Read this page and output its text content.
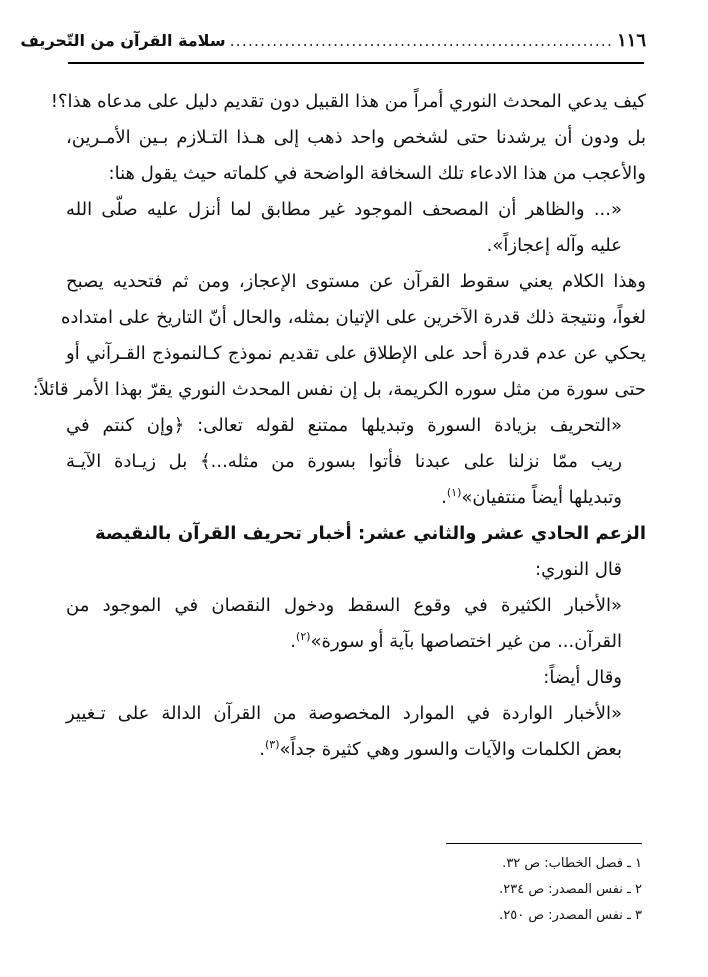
١١٦
...............................................................
سلامة القرآن من التّحريف
كيف يدعي المحدث النوري أمراً من هذا القبيل دون تقديم دليل على مدعاه هذا؟!
بل ودون أن يرشدنا حتى لشخص واحد ذهب إلى هـذا التـلازم بـين الأمـرين،
والأعجب من هذا الادعاء تلك السخافة الواضحة في كلماته حيث يقول هنا:
«... والظاهر أن المصحف الموجود غير مطابق لما أنزل عليه صلّى الله
عليه وآله إعجازاً».
وهذا الكلام يعني سقوط القرآن عن مستوى الإعجاز، ومن ثم فتحديه يصبح
لغواً، ونتيجة ذلك قدرة الآخرين على الإتيان بمثله، والحال أنّ التاريخ على امتداده
يحكي عن عدم قدرة أحد على الإطلاق على تقديم نموذج كـالنموذج القـرآني أو
حتى سورة من مثل سوره الكريمة، بل إن نفس المحدث النوري يقرّ بهذا الأمر قائلاً:
«التحريف بزيادة السورة وتبديلها ممتنع لقوله تعالى: ﴿وإن كنتم في
ريب ممّا نزلنا على عبدنا فأتوا بسورة من مثله...﴾ بل زيـادة الآيـة
وتبديلها أيضاً منتفيان»$^{(١)}$.
الزعم الحادي عشر والثاني عشر: أخبار تحريف القرآن بالنقيصة
قال النوري:
«الأخبار الكثيرة في وقوع السقط ودخول النقصان في الموجود من
القرآن... من غير اختصاصها بآية أو سورة»$^{(٢)}$.
وقال أيضاً:
«الأخبار الواردة في الموارد المخصوصة من القرآن الدالة على تـغيير
بعض الكلمات والآيات والسور وهي كثيرة جداً»$^{(٣)}$.
١ ـ فصل الخطاب: ص ٣٢.
٢ ـ نفس المصدر: ص ٢٣٤.
٣ ـ نفس المصدر: ص ٢٥٠.
